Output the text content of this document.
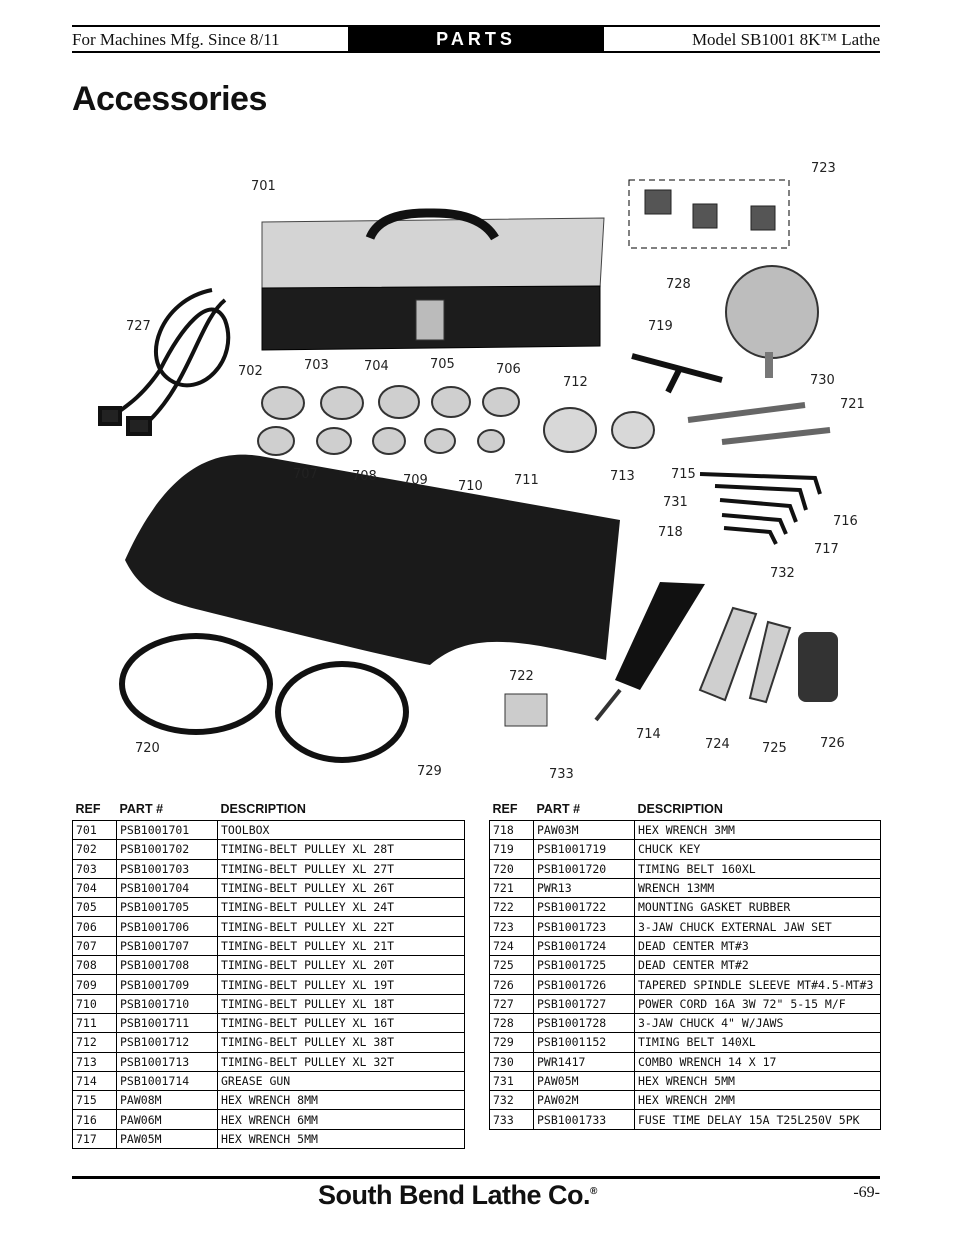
For Machines Mfg. Since 8/11	PARTS	Model SB1001 8K™ Lathe
Accessories
701
702	703	704	705	706
707	708 709 710 711
712
713
714
715
716
717
718
719
720
721
722
723
724 725	726
727
728
729
730
731
732
733
REF	PART #	DESCRIPTION
701	PSB1001701	TOOLBOX
702	PSB1001702	TIMING-BELT PULLEY XL 28T
703	PSB1001703	TIMING-BELT PULLEY XL 27T
704	PSB1001704	TIMING-BELT PULLEY XL 26T
705	PSB1001705	TIMING-BELT PULLEY XL 24T
706	PSB1001706	TIMING-BELT PULLEY XL 22T
707	PSB1001707	TIMING-BELT PULLEY XL 21T
708	PSB1001708	TIMING-BELT PULLEY XL 20T
709	PSB1001709	TIMING-BELT PULLEY XL 19T
710	PSB1001710	TIMING-BELT PULLEY XL 18T
711	PSB1001711	TIMING-BELT PULLEY XL 16T
712	PSB1001712	TIMING-BELT PULLEY XL 38T
713	PSB1001713	TIMING-BELT PULLEY XL 32T
714	PSB1001714	GREASE GUN
715	PAW08M	HEX WRENCH 8MM
716	PAW06M	HEX WRENCH 6MM
717	PAW05M	HEX WRENCH 5MM
REF	PART #	DESCRIPTION
718	PAW03M	HEX WRENCH 3MM
719	PSB1001719	CHUCK KEY
720	PSB1001720	TIMING BELT 160XL
721	PWR13	WRENCH 13MM
722	PSB1001722	MOUNTING GASKET RUBBER
723	PSB1001723	3-JAW CHUCK EXTERNAL JAW SET
724	PSB1001724	DEAD CENTER MT#3
725	PSB1001725	DEAD CENTER MT#2
726	PSB1001726	TAPERED SPINDLE SLEEVE MT#4.5-MT#3
727	PSB1001727	POWER CORD 16A 3W 72" 5-15 M/F
728	PSB1001728	3-JAW CHUCK 4" W/JAWS
729	PSB1001152	TIMING BELT 140XL
730	PWR1417	COMBO WRENCH 14 X 17
731	PAW05M	HEX WRENCH 5MM
732	PAW02M	HEX WRENCH 2MM
733	PSB1001733	FUSE TIME DELAY 15A T25L250V 5PK
South Bend Lathe Co.®	-69-
